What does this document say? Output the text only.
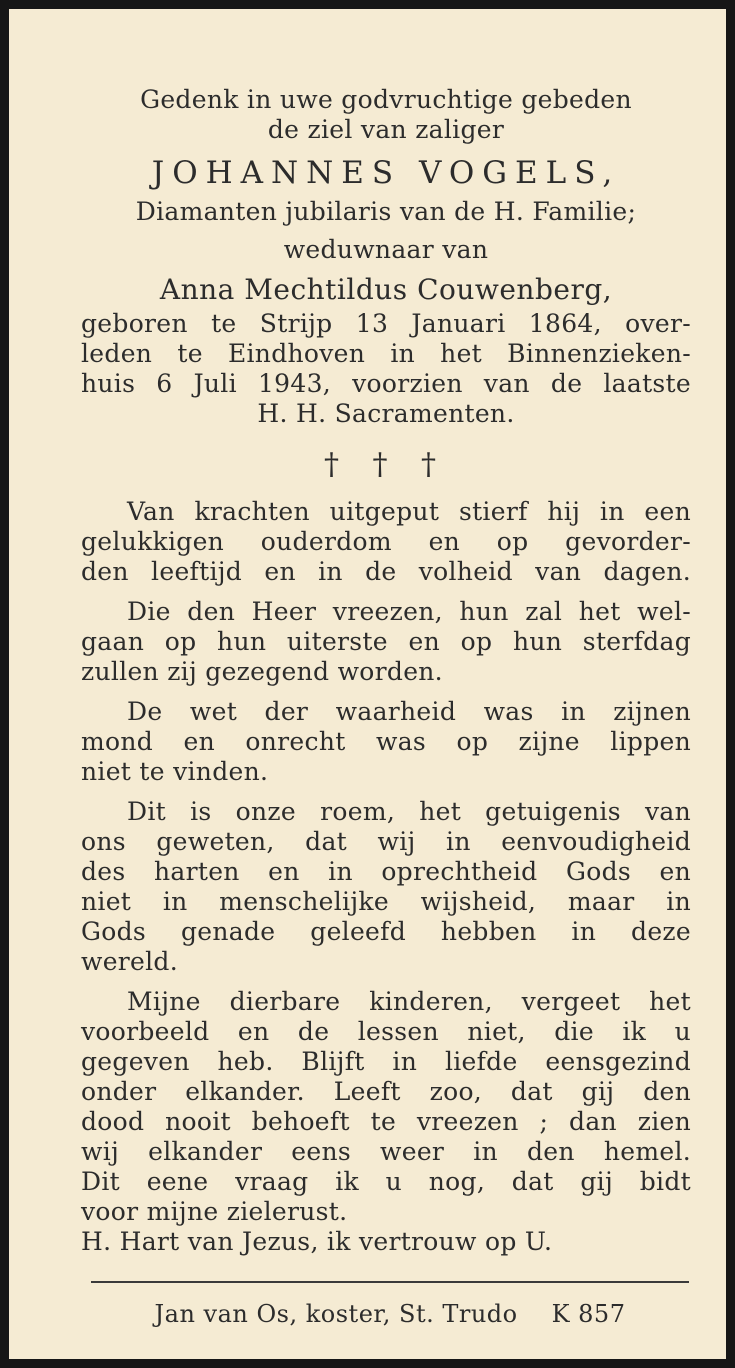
Gedenk in uwe godvruchtige gebeden
de ziel van zaliger
JOHANNES VOGELS,
Diamanten jubilaris van de H. Familie;
weduwnaar van
Anna Mechtildus Couwenberg,
geboren te Strijp 13 Januari 1864, over-
leden te Eindhoven in het Binnenzieken-
huis 6 Juli 1943, voorzien van de laatste
H. H. Sacramenten.
† † †
Van krachten uitgeput stierf hij in een
gelukkigen ouderdom en op gevorder-
den leeftijd en in de volheid van dagen.
Die den Heer vreezen, hun zal het wel-
gaan op hun uiterste en op hun sterfdag
zullen zij gezegend worden.
De wet der waarheid was in zijnen
mond en onrecht was op zijne lippen
niet te vinden.
Dit is onze roem, het getuigenis van
ons geweten, dat wij in eenvoudigheid
des harten en in oprechtheid Gods en
niet in menschelijke wijsheid, maar in
Gods genade geleefd hebben in deze
wereld.
Mijne dierbare kinderen, vergeet het
voorbeeld en de lessen niet, die ik u
gegeven heb. Blijft in liefde eensgezind
onder elkander. Leeft zoo, dat gij den
dood nooit behoeft te vreezen ; dan zien
wij elkander eens weer in den hemel.
Dit eene vraag ik u nog, dat gij bidt
voor mijne zielerust.
H. Hart van Jezus, ik vertrouw op U.
Jan van Os, koster, St. Trudo K 857
